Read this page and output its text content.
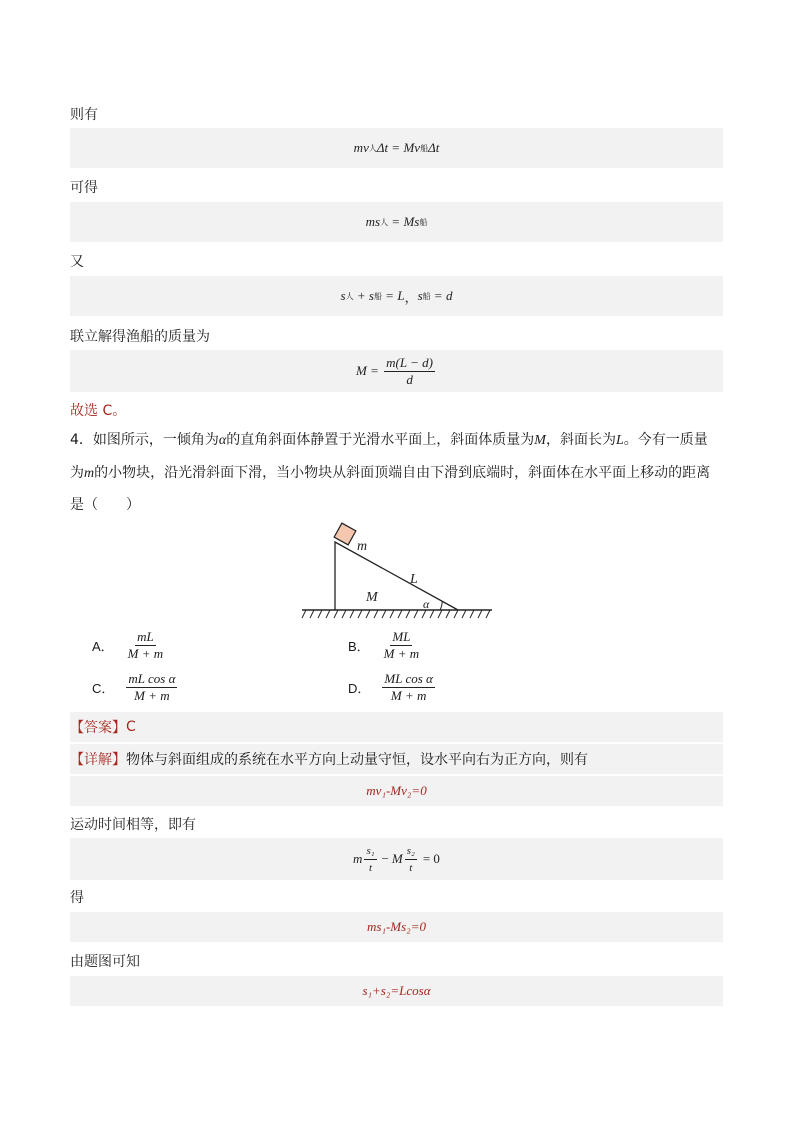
则有
m v 人 Δt = M v 船 Δt
可得
m s 人 = M s 船
又
s 人 + s 船 = L ， s 船 = d
联立解得渔船的质量为
$M = \frac{m(L - d)}{d}$
故选 C。
4．如图所示，一倾角为α的直角斜面体静置于光滑水平面上，斜面体质量为M，斜面长为L。今有一质量
为m的小物块，沿光滑斜面下滑，当小物块从斜面顶端自由下滑到底端时，斜面体在水平面上移动的距离
是（　　）
m
L
M	α
A． $\frac{mL}{M + m}$	B． $\frac{ML}{M + m}$
C． $\frac{\text{mL cos α}}{M + m}$	D． $\frac{\text{ML cos α}}{M + m}$
【答案】 C
【详解】 物体与斜面组成的系统在水平方向上动量守恒，设水平向右为正方向，则有
mv₁-Mv₂=0
运动时间相等，即有
m $\frac{\text{s₁}}{t} - M \frac{\text{s₂}}{t} = 0$
得
ms₁-Ms₂=0
由题图可知
s₁+s₂=Lcosα
